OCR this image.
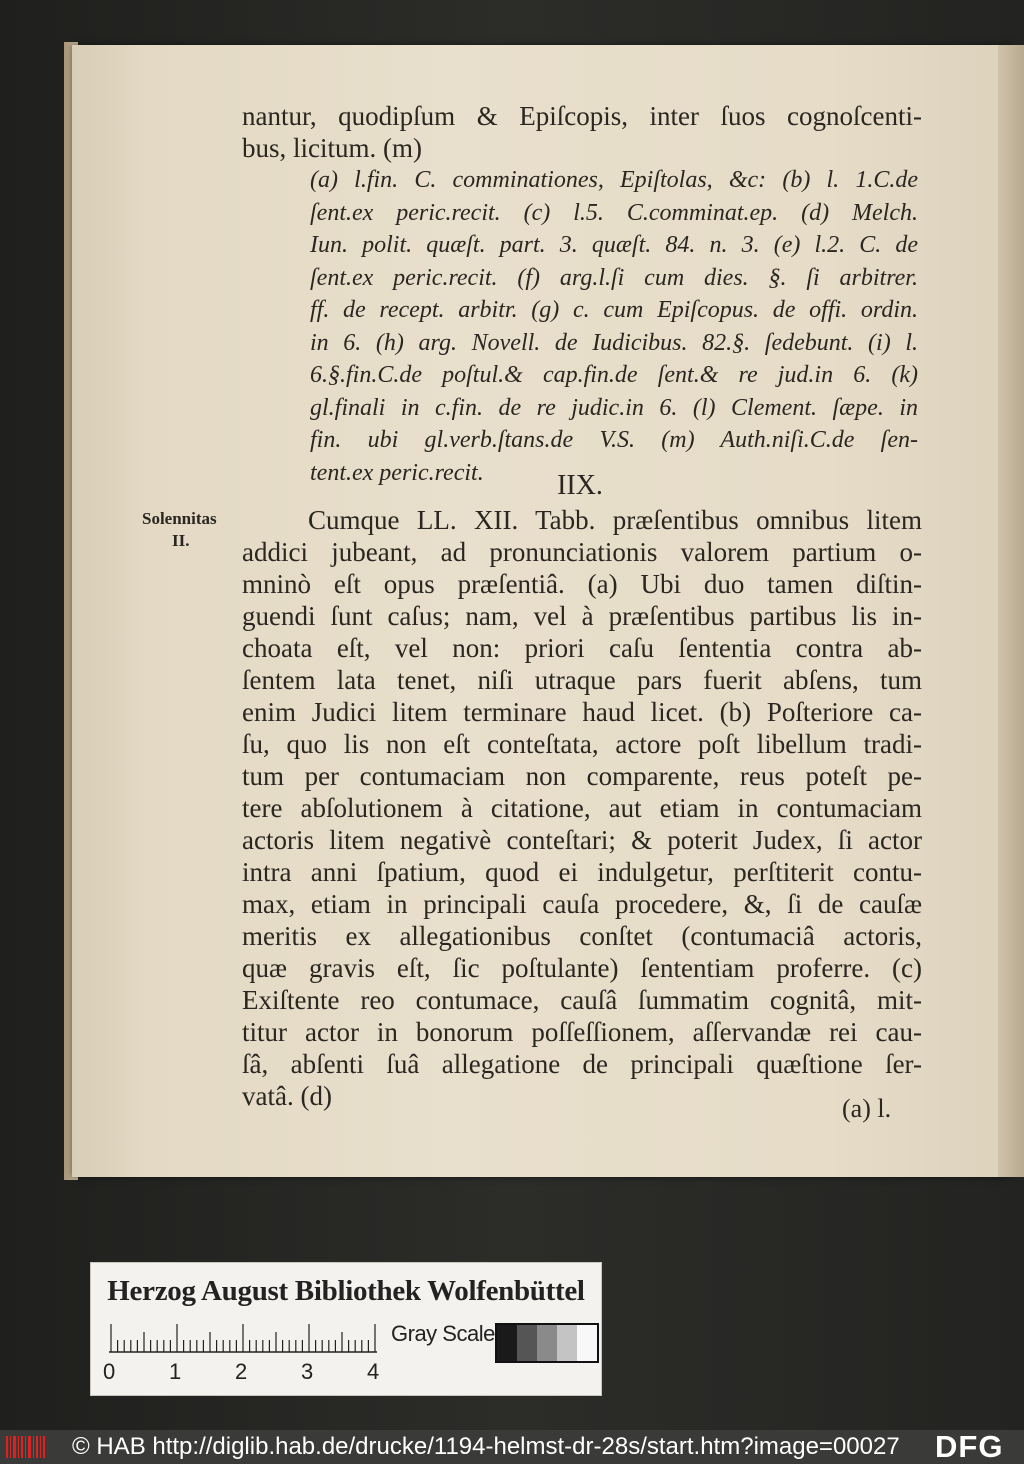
nantur, quodipſum & Epiſcopis, inter ſuos cognoſcenti-
bus, licitum. (m)
(a) l.fin. C. comminationes, Epiſtolas, &c: (b) l. 1.C.de
ſent.ex peric.recit. (c) l.5. C.comminat.ep. (d) Melch.
Iun. polit. quæſt. part. 3. quæſt. 84. n. 3. (e) l.2. C. de
ſent.ex peric.recit. (f) arg.l.ſi cum dies. §. ſi arbitrer.
ff. de recept. arbitr. (g) c. cum Epiſcopus. de offi. ordin.
in 6. (h) arg. Novell. de Iudicibus. 82.§. ſedebunt. (i) l.
6.§.fin.C.de poſtul.& cap.fin.de ſent.& re jud.in 6. (k)
gl.finali in c.fin. de re judic.in 6. (l) Clement. ſæpe. in
fin. ubi gl.verb.ſtans.de V.S. (m) Auth.niſi.C.de ſen-
tent.ex peric.recit.	IIX.
Solennitas
II.
Cumque LL. XII. Tabb. præſentibus omnibus litem
addici jubeant, ad pronunciationis valorem partium o-
mninò eſt opus præſentiâ. (a) Ubi duo tamen diſtin-
guendi ſunt caſus; nam, vel à præſentibus partibus lis in-
choata eſt, vel non: priori caſu ſententia contra ab-
ſentem lata tenet, niſi utraque pars fuerit abſens, tum
enim Judici litem terminare haud licet. (b) Poſteriore ca-
ſu, quo lis non eſt conteſtata, actore poſt libellum tradi-
tum per contumaciam non comparente, reus poteſt pe-
tere abſolutionem à citatione, aut etiam in contumaciam
actoris litem negativè conteſtari; & poterit Judex, ſi actor
intra anni ſpatium, quod ei indulgetur, perſtiterit contu-
max, etiam in principali cauſa procedere, &, ſi de cauſæ
meritis ex allegationibus conſtet (contumaciâ actoris,
quæ gravis eſt, ſic poſtulante) ſententiam proferre. (c)
Exiſtente reo contumace, cauſâ ſummatim cognitâ, mit-
titur actor in bonorum poſſeſſionem, aſſervandæ rei cau-
ſâ, abſenti ſuâ allegatione de principali quæſtione ſer-
vatâ. (d)	(a) l.
Herzog August Bibliothek Wolfenbüttel
0 1 2 3 4
Gray Scale
© HAB http://diglib.hab.de/drucke/1194-helmst-dr-28s/start.htm?image=00027 DFG
